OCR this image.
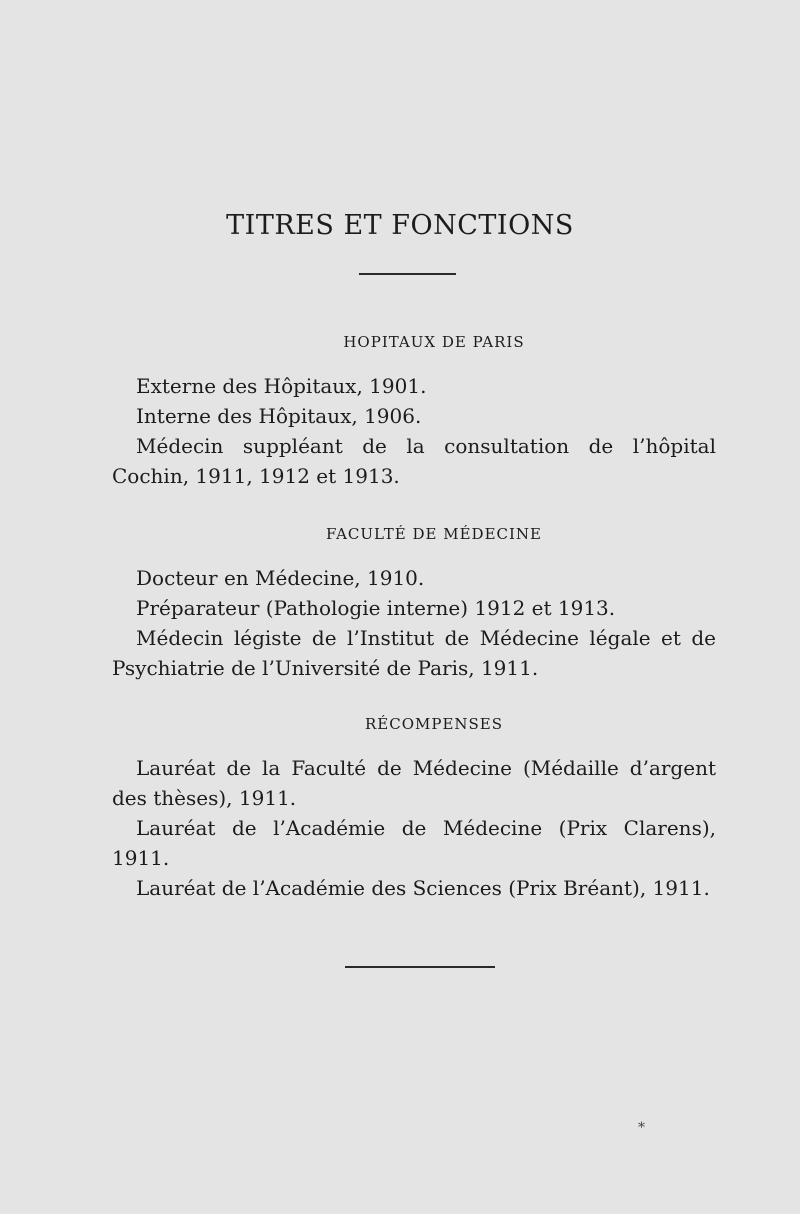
TITRES ET FONCTIONS
HOPITAUX DE PARIS
Externe des Hôpitaux, 1901.
Interne des Hôpitaux, 1906.
Médecin suppléant de la consultation de l’hôpital Cochin, 1911, 1912 et 1913.
FACULTÉ DE MÉDECINE
Docteur en Médecine, 1910.
Préparateur (Pathologie interne) 1912 et 1913.
Médecin légiste de l’Institut de Médecine légale et de Psychiatrie de l’Université de Paris, 1911.
RÉCOMPENSES
Lauréat de la Faculté de Médecine (Médaille d’argent des thèses), 1911.
Lauréat de l’Académie de Médecine (Prix Clarens), 1911.
Lauréat de l’Académie des Sciences (Prix Bréant), 1911.
*
